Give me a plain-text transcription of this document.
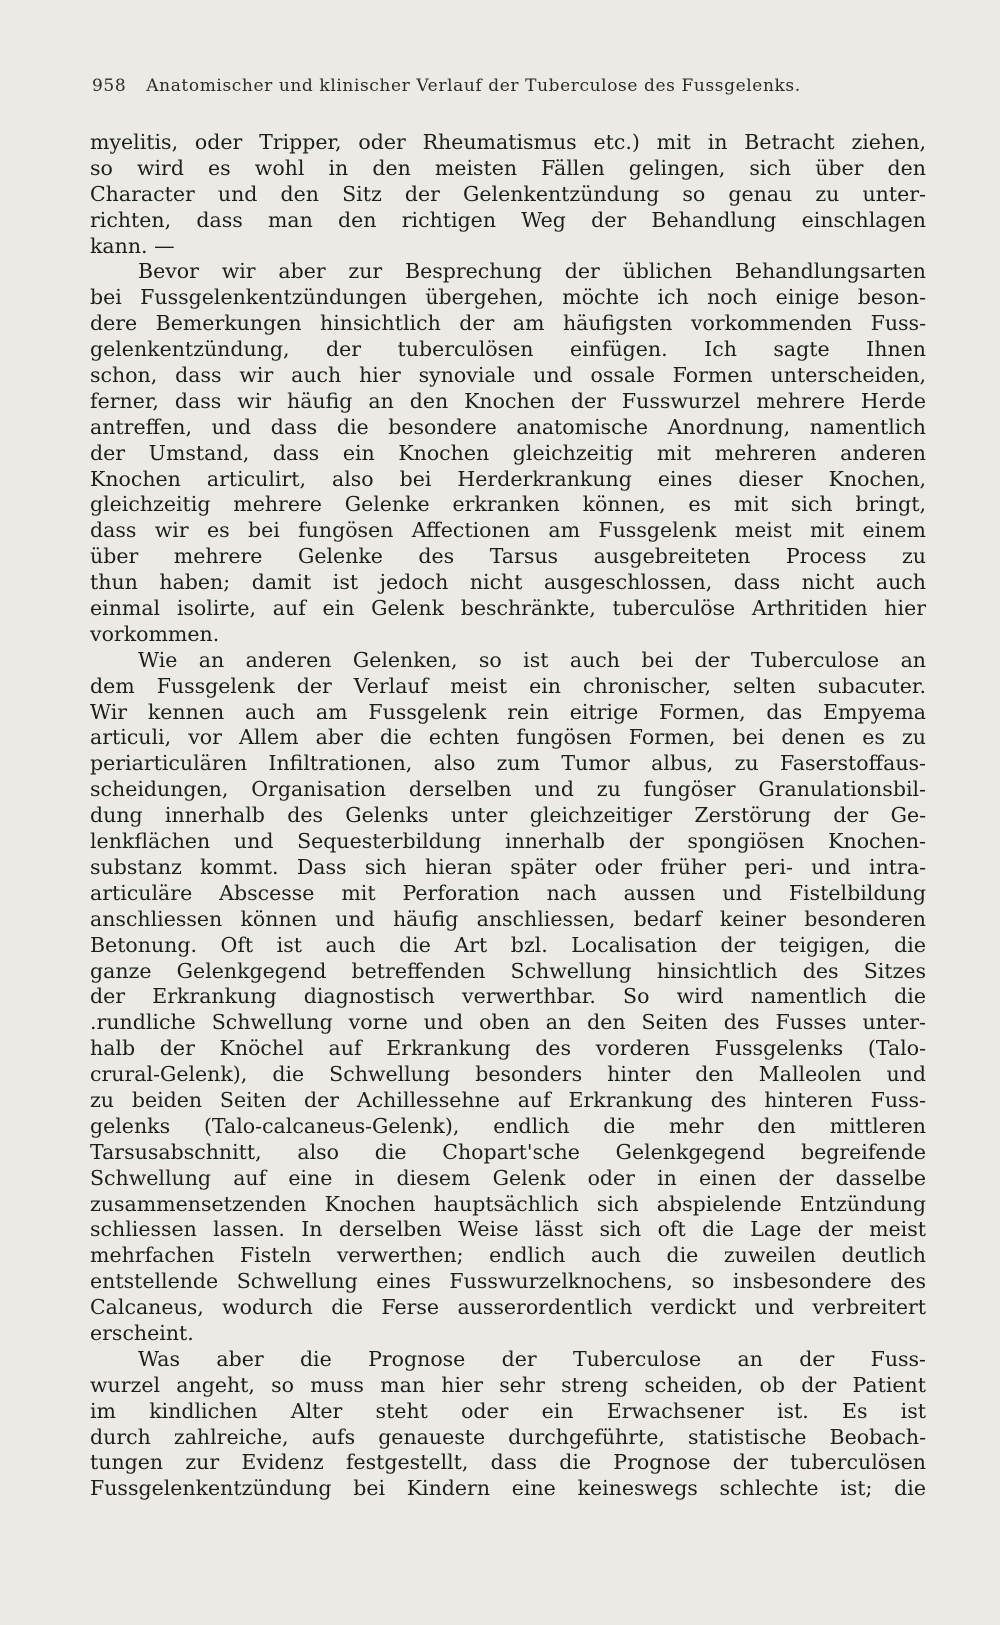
958 Anatomischer und klinischer Verlauf der Tuberculose des Fussgelenks.
myelitis, oder Tripper, oder Rheumatismus etc.) mit in Betracht ziehen,
so wird es wohl in den meisten Fällen gelingen, sich über den
Character und den Sitz der Gelenkentzündung so genau zu unter-
richten, dass man den richtigen Weg der Behandlung einschlagen
kann. —
Bevor wir aber zur Besprechung der üblichen Behandlungsarten
bei Fussgelenkentzündungen übergehen, möchte ich noch einige beson-
dere Bemerkungen hinsichtlich der am häufigsten vorkommenden Fuss-
gelenkentzündung, der tuberculösen einfügen. Ich sagte Ihnen
schon, dass wir auch hier synoviale und ossale Formen unterscheiden,
ferner, dass wir häufig an den Knochen der Fusswurzel mehrere Herde
antreffen, und dass die besondere anatomische Anordnung, namentlich
der Umstand, dass ein Knochen gleichzeitig mit mehreren anderen
Knochen articulirt, also bei Herderkrankung eines dieser Knochen,
gleichzeitig mehrere Gelenke erkranken können, es mit sich bringt,
dass wir es bei fungösen Affectionen am Fussgelenk meist mit einem
über mehrere Gelenke des Tarsus ausgebreiteten Process zu
thun haben; damit ist jedoch nicht ausgeschlossen, dass nicht auch
einmal isolirte, auf ein Gelenk beschränkte, tuberculöse Arthritiden hier
vorkommen.
Wie an anderen Gelenken, so ist auch bei der Tuberculose an
dem Fussgelenk der Verlauf meist ein chronischer, selten subacuter.
Wir kennen auch am Fussgelenk rein eitrige Formen, das Empyema
articuli, vor Allem aber die echten fungösen Formen, bei denen es zu
periarticulären Infiltrationen, also zum Tumor albus, zu Faserstoffaus-
scheidungen, Organisation derselben und zu fungöser Granulationsbil-
dung innerhalb des Gelenks unter gleichzeitiger Zerstörung der Ge-
lenkflächen und Sequesterbildung innerhalb der spongiösen Knochen-
substanz kommt. Dass sich hieran später oder früher peri- und intra-
articuläre Abscesse mit Perforation nach aussen und Fistelbildung
anschliessen können und häufig anschliessen, bedarf keiner besonderen
Betonung. Oft ist auch die Art bzl. Localisation der teigigen, die
ganze Gelenkgegend betreffenden Schwellung hinsichtlich des Sitzes
der Erkrankung diagnostisch verwerthbar. So wird namentlich die
.rundliche Schwellung vorne und oben an den Seiten des Fusses unter-
halb der Knöchel auf Erkrankung des vorderen Fussgelenks (Talo-
crural-Gelenk), die Schwellung besonders hinter den Malleolen und
zu beiden Seiten der Achillessehne auf Erkrankung des hinteren Fuss-
gelenks (Talo-calcaneus-Gelenk), endlich die mehr den mittleren
Tarsusabschnitt, also die Chopart'sche Gelenkgegend begreifende
Schwellung auf eine in diesem Gelenk oder in einen der dasselbe
zusammensetzenden Knochen hauptsächlich sich abspielende Entzündung
schliessen lassen. In derselben Weise lässt sich oft die Lage der meist
mehrfachen Fisteln verwerthen; endlich auch die zuweilen deutlich
entstellende Schwellung eines Fusswurzelknochens, so insbesondere des
Calcaneus, wodurch die Ferse ausserordentlich verdickt und verbreitert
erscheint.
Was aber die Prognose der Tuberculose an der Fuss-
wurzel angeht, so muss man hier sehr streng scheiden, ob der Patient
im kindlichen Alter steht oder ein Erwachsener ist. Es ist
durch zahlreiche, aufs genaueste durchgeführte, statistische Beobach-
tungen zur Evidenz festgestellt, dass die Prognose der tuberculösen
Fussgelenkentzündung bei Kindern eine keineswegs schlechte ist; die
